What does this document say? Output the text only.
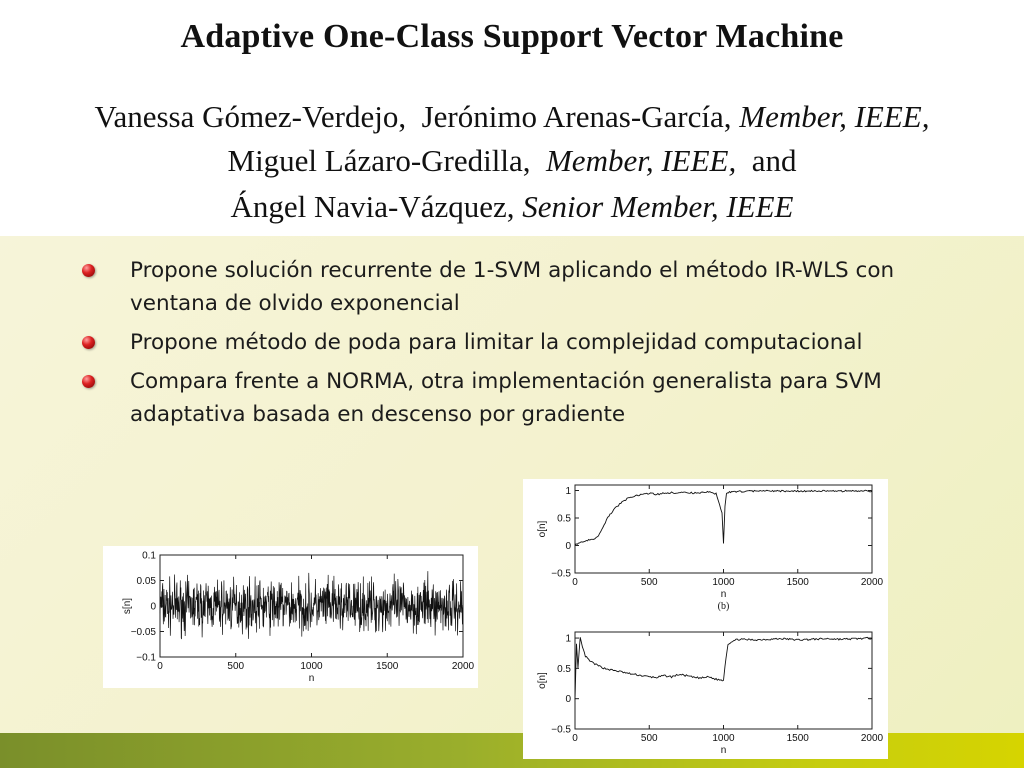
Adaptive One-Class Support Vector Machine
Vanessa Gómez-Verdejo, Jerónimo Arenas-García, Member, IEEE,
Miguel Lázaro-Gredilla, Member, IEEE, and
Ángel Navia-Vázquez, Senior Member, IEEE
Propone solución recurrente de 1-SVM aplicando el método IR-WLS con ventana de olvido exponencial
Propone método de poda para limitar la complejidad computacional
Compara frente a NORMA, otra implementación generalista para SVM adaptativa basada en descenso por gradiente
0	500	1000	1500	2000
0.1
0.05
0
−0.05
−0.1
n
s[n]
0	500	1000	1500	2000
1
0.5
0
−0.5
n
o[n]
(b)
0	500	1000	1500	2000
1
0.5
0
−0.5
n
o[n]
